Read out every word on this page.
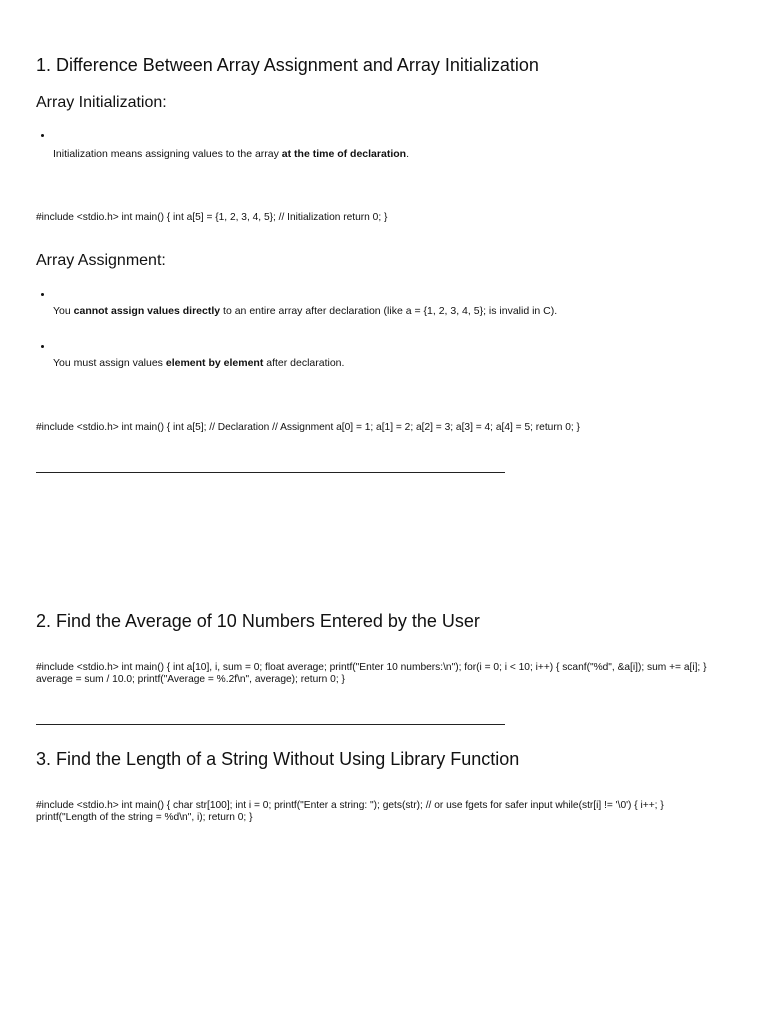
1. Difference Between Array Assignment and Array Initialization
Array Initialization:
Initialization means assigning values to the array at the time of declaration.
#include <stdio.h> int main() { int a[5] = {1, 2, 3, 4, 5}; // Initialization return 0; }
Array Assignment:
You cannot assign values directly to an entire array after declaration (like a = {1, 2, 3, 4, 5}; is invalid in C).
You must assign values element by element after declaration.
#include <stdio.h> int main() { int a[5]; // Declaration // Assignment a[0] = 1; a[1] = 2; a[2] = 3; a[3] = 4; a[4] = 5; return 0; }
2. Find the Average of 10 Numbers Entered by the User
#include <stdio.h> int main() { int a[10], i, sum = 0; float average; printf("Enter 10 numbers:\n"); for(i = 0; i < 10; i++) { scanf("%d", &a[i]); sum += a[i]; } average = sum / 10.0; printf("Average = %.2f\n", average); return 0; }
3. Find the Length of a String Without Using Library Function
#include <stdio.h> int main() { char str[100]; int i = 0; printf("Enter a string: "); gets(str); // or use fgets for safer input while(str[i] != '\0') { i++; } printf("Length of the string = %d\n", i); return 0; }
